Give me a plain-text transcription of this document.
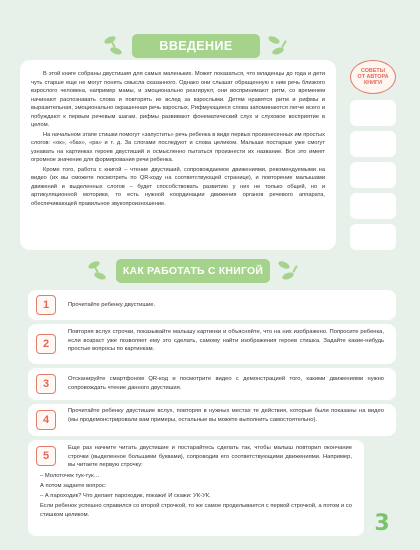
ВВЕДЕНИЕ

В этой книге собраны двустишия для самых маленьких. Может показаться, что младенцы до года и дети чуть старше еще не могут понять смысла сказанного. Однако они слышат обращенную к ним речь близкого взрослого человека, например мамы, и эмоционально реагируют, они воспринимают ритм, со временем начинают распознавать слова и повторять их вслед за взрослыми. Детям нравятся ритм и рифмы и выразительная, эмоционально окрашенная речь взрослых. Рифмующиеся слова запоминаются легче всего и побуждают к первым речевым шагам, рифмы развивают фонематический слух и слуховое восприятие в целом.

На начальном этапе стишки помогут «запустить» речь ребенка в виде первых произнесенных им простых слогов: «ок», «бах», «ра» и т. д. За слогами последуют и слова целиком. Малыши постарше уже смогут узнавать на картинках героев двустиший и осмысленно пытаться произнести их название. Все это имеет огромное значение для формирования речи ребенка.

Кроме того, работа с книгой – чтение двустиший, сопровождаемое движениями, рекомендуемыми на видео (их вы сможете посмотреть по QR-коду на соответствующей странице), и повторение малышами движений и выделенных слогов – будет способствовать развитию у них не только общей, но и артикуляционной моторики, то есть нужной координации движения органов речевого аппарата, обеспечивающей правильное звукопроизношение.

СОВЕТЫ
ОТ АВТОРА
КНИГИ
КАК РАБОТАТЬ С КНИГОЙ
1	Прочитайте ребенку двустишие.

2

Повторяя вслух строчки, показывайте малышу картинки и объясняйте, что на них изображено. Попросите ребенка, если возраст уже позволяет ему это сделать, самому найти изображения героев стишка. Задайте какие-нибудь простые вопросы по картинкам.

3	Отсканируйте смартфоном QR-код и посмотрите видео с демонстрацией того, какими движениями нужно сопровождать чтение данного двустишия.

4

Прочитайте ребенку двустишие вслух, повторяя в нужных местах те действия, которые были показаны на видео (мы продемонстрировали вам примеры, остальные вы можете выполнить самостоятельно).

5

Еще раз начните читать двустишие и постарайтесь сделать так, чтобы малыш повторил окончание строчки (выделенное большими буквами), сопроводив его соответствующими движениями. Например, вы читаете первую строчку:

– Молоточек тук-тук…

А потом задаете вопрос:

– А пароходик? Что делает пароходик, покажи! И скажи: УК-УК.

Если ребенок успешно справился со второй строчкой, то же самое проделывается с первой строчкой, а потом и со стишком целиком.	3
